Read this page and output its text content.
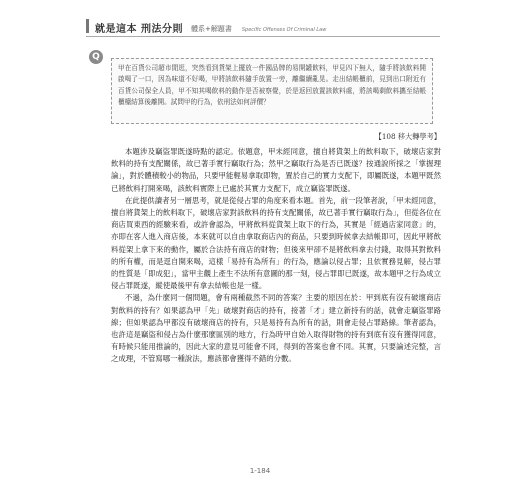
就是這本 刑法分則 體系+解題書 Specific Offenses Of Criminal Law
Q

甲在百貨公司超市閒逛，突然看到貨架上擺放一件國品牌的易開罐飲料，甲見四下無人，隨手將該飲料開啟喝了一口，因為味道不好喝，甲將該飲料隨手放置一旁，離繼續亂晃。走出結帳櫃前，見到出口附近有百貨公司保全人員，甲不知其喝飲料的動作是否被察覺，於是返回放置該飲料處，將該喝剩飲料攜至結帳櫃檯結算後離開。試問甲的行為，依刑法如何評價？

【108 移大轉學考】

本題涉及竊盜罪既遂時點的認定。依題意，甲未經同意，擅自將貨架上的飲料取下，破壞店家對飲料的持有支配關係，故已著手實行竊取行為；然甲之竊取行為是否已既遂？按通說所採之「掌握理論」，對於體積較小的物品，只要甲能輕易拿取即物，置於自己的實力支配下，即屬既遂，本題甲既然已將飲料打開來喝，該飲料實際上已處於其實力支配下，成立竊盜罪既遂。

在此提供讀者另一層思考，就是從侵占罪的角度來看本題。首先，前一段筆者說，「甲未經同意，擅自將貨架上的飲料取下，破壞店家對該飲料的持有支配關係，故已著手實行竊取行為」，但從各位在商店買東西的經驗來看，或許會認為，甲將飲料從貨架上取下的行為，其實是「經過店家同意」的，亦即在客人進入商店後，本來就可以自由拿取商店內的商品，只要到時候拿去結帳即可，因此甲將飲料從架上拿下來的動作，屬於合法持有商店的財物；但後來甲卻不是將飲料拿去付錢，取得其對飲料的所有權，而是逕自開來喝，這樣「易持有為所有」的行為，應論以侵占罪；且依實務見解，侵占罪的性質是「即成犯」，當甲主觀上產生不法所有意圖的那一刻，侵占罪即已既遂，故本題甲之行為成立侵占罪既遂，縱使最後甲有拿去結帳也是一樣。

不過，為什麼同一個問題，會有兩種截然不同的答案？主要的原因在於：甲到底有沒有破壞商店對飲料的持有？如果認為甲「先」破壞對商店的持有，接著「才」建立新持有的話，就會走竊盜罪路線；但如果認為甲都沒有破壞商店的持有，只是易持有為所有的話，則會走侵占罪路線。筆者認為，也許這是竊盜和侵占為什麼那麼區別的地方，行為時甲自始入取得財物的持有到底有沒有獲得同意，有時候只能用推論的，因此大家的意見可能會不同，得到的答案也會不同。其實，只要論述完整，言之成理，不管寫哪一種說法，應該都會獲得不錯的分數。

1-184
